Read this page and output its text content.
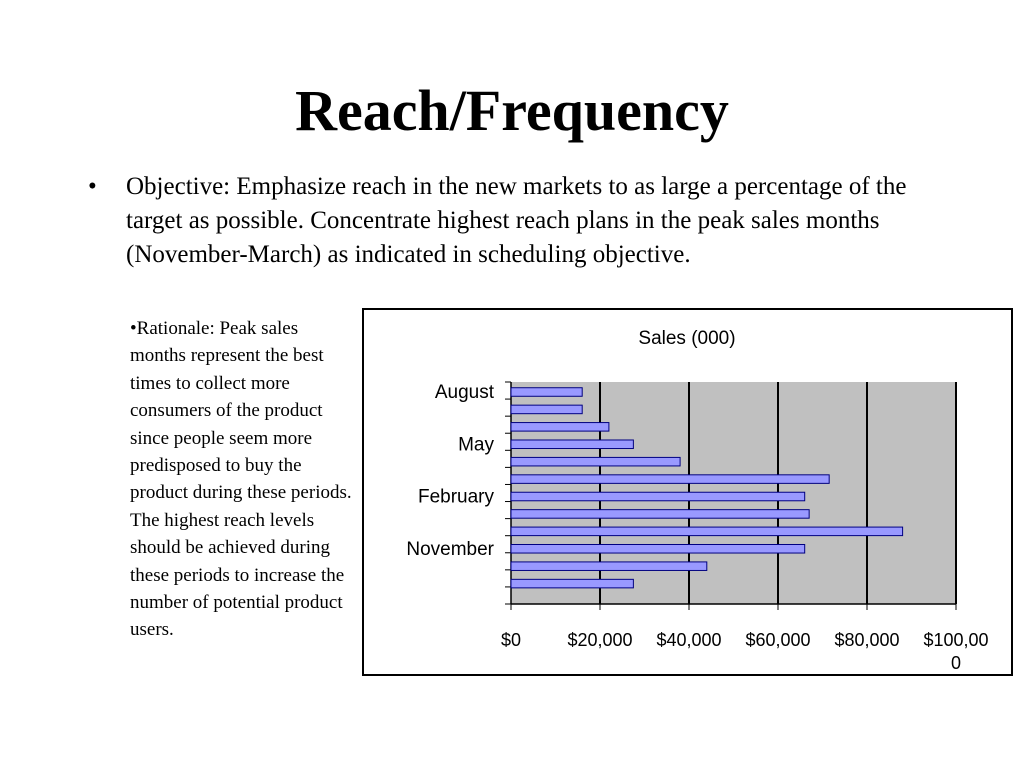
Reach/Frequency
• Objective: Emphasize reach in the new markets to as large a percentage of the target as possible. Concentrate highest reach plans in the peak sales months (November-March) as indicated in scheduling objective.

•Rationale: Peak sales months represent the best times to collect more consumers of the product since people seem more predisposed to buy the product during these periods. The highest reach levels should be achieved during these periods to increase the number of potential product users.

Sales (000)
$0	$20,000 $40,000 $60,000 $80,000 $100,00
0
August
May
February
November
